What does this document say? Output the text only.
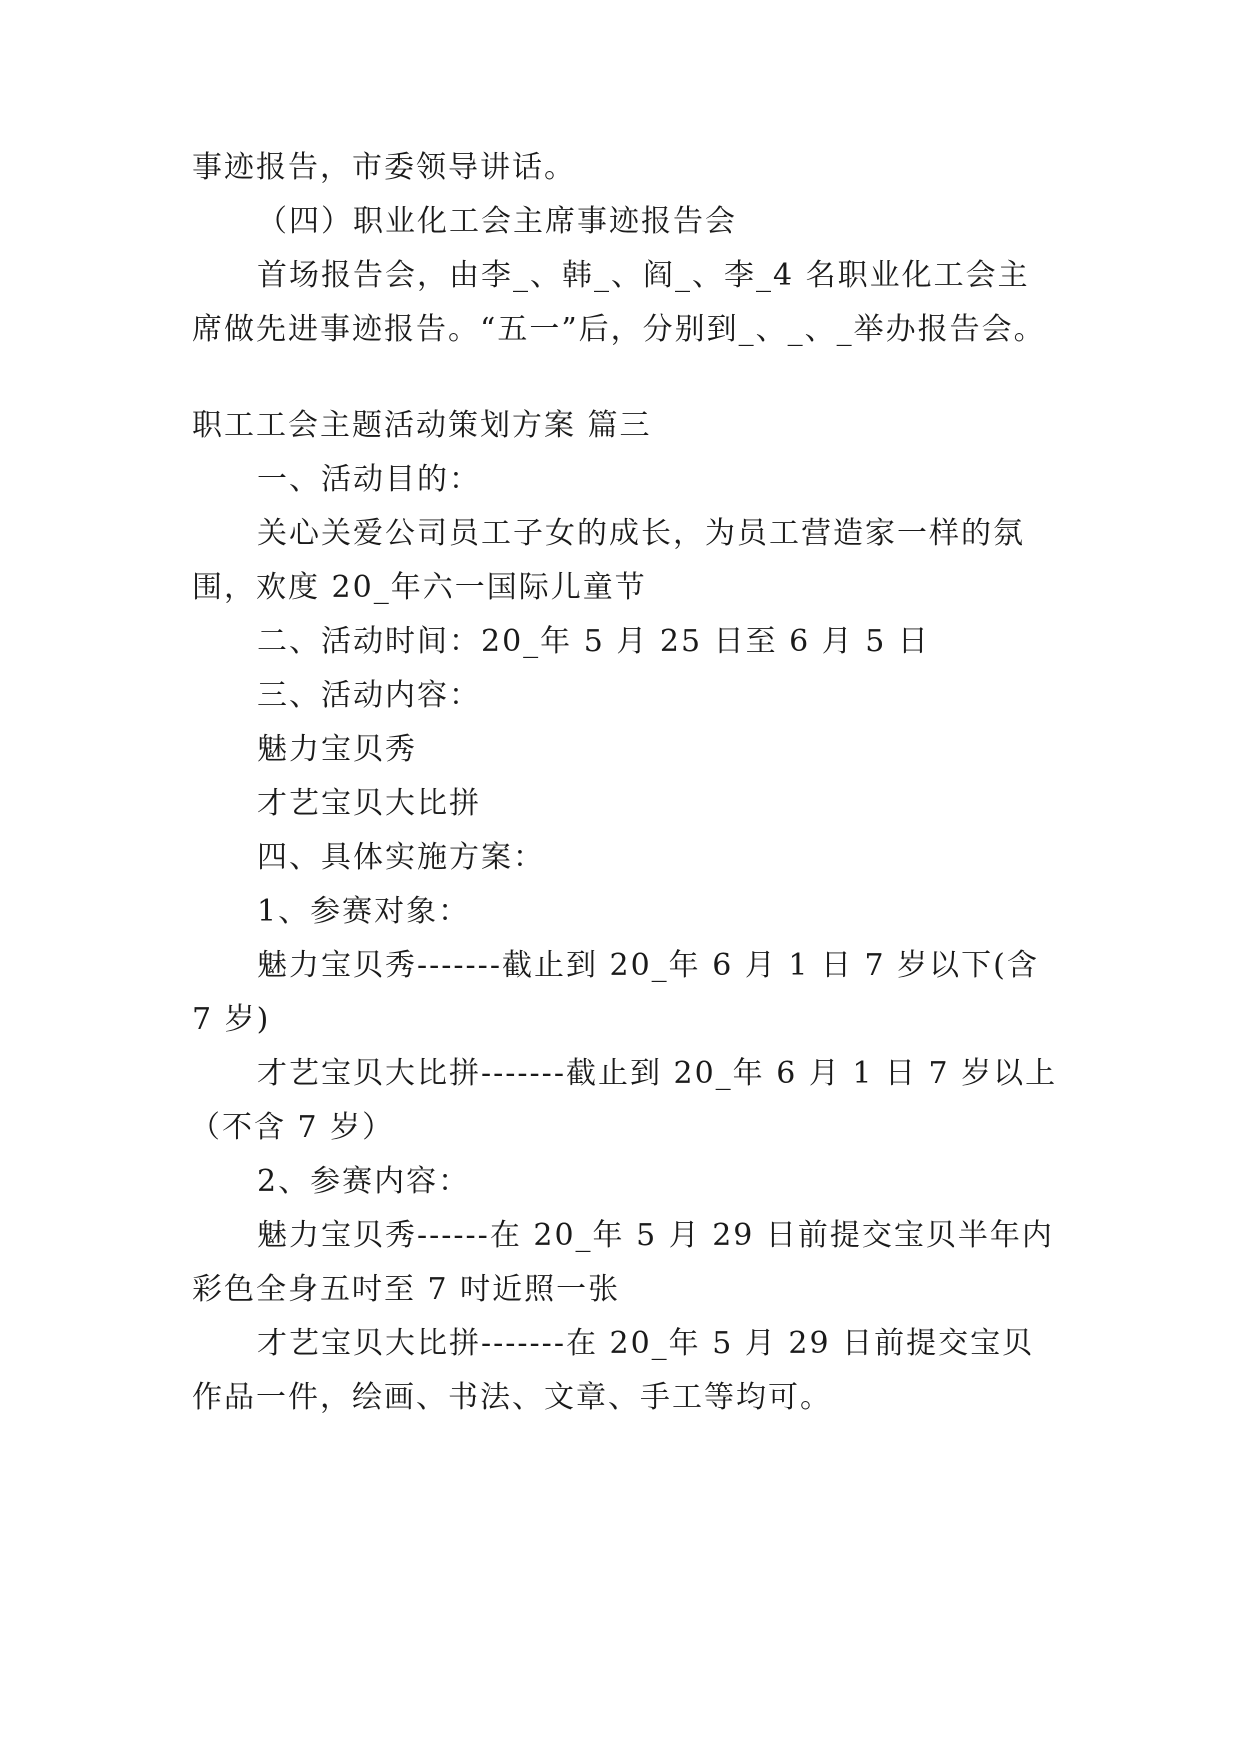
事迹报告，市委领导讲话。
（四）职业化工会主席事迹报告会
首场报告会，由李_、韩_、阎_、李_4 名职业化工会主
席做先进事迹报告。“五一”后，分别到_、_、_举办报告会。
职工工会主题活动策划方案 篇三
一、活动目的：
关心关爱公司员工子女的成长，为员工营造家一样的氛
围，欢度 20_年六一国际儿童节
二、活动时间：20_年 5 月 25 日至 6 月 5 日
三、活动内容：
魅力宝贝秀
才艺宝贝大比拼
四、具体实施方案：
1、参赛对象：
魅力宝贝秀-------截止到 20_年 6 月 1 日 7 岁以下(含
7 岁)
才艺宝贝大比拼-------截止到 20_年 6 月 1 日 7 岁以上
（不含 7 岁）
2、参赛内容：
魅力宝贝秀------在 20_年 5 月 29 日前提交宝贝半年内
彩色全身五吋至 7 吋近照一张
才艺宝贝大比拼-------在 20_年 5 月 29 日前提交宝贝
作品一件，绘画、书法、文章、手工等均可。
